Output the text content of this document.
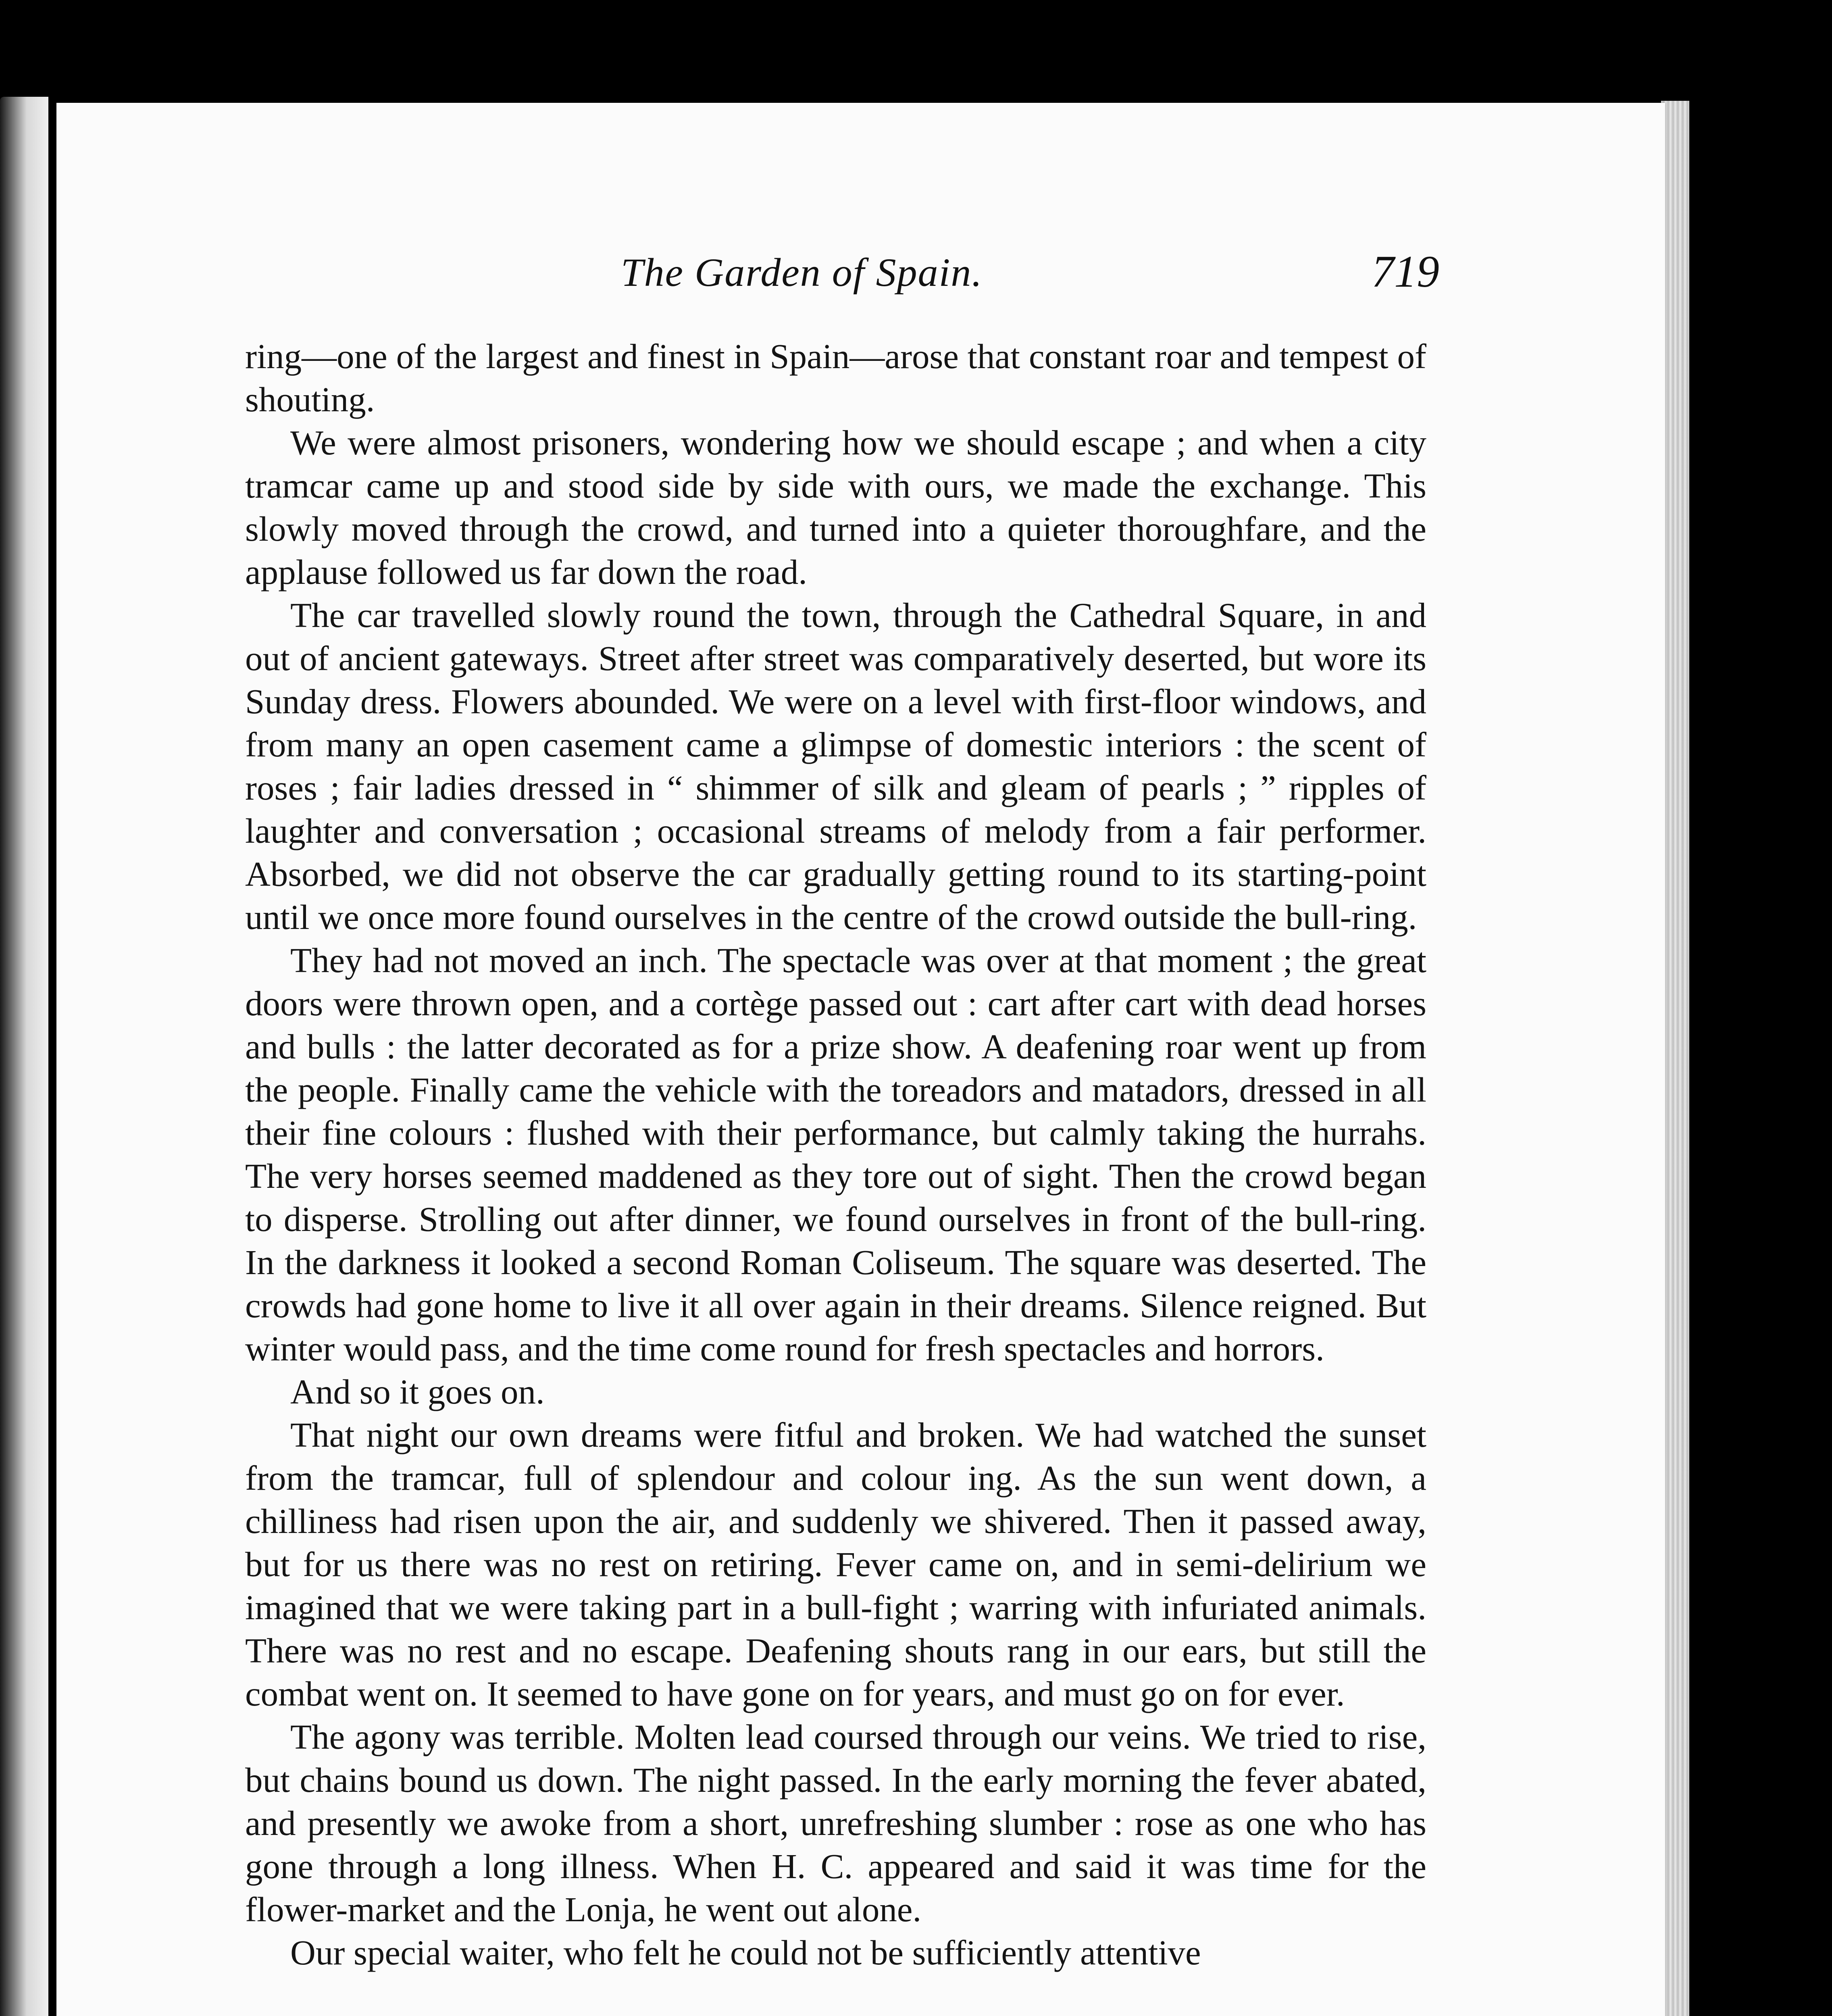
The Garden of Spain.	719

ring—one of the largest and finest in Spain—arose that constant roar and tempest of shouting.

We were almost prisoners, wondering how we should escape ; and when a city tramcar came up and stood side by side with ours, we made the exchange. This slowly moved through the crowd, and turned into a quieter thoroughfare, and the applause followed us far down the road.

The car travelled slowly round the town, through the Cathedral Square, in and out of ancient gateways. Street after street was comparatively deserted, but wore its Sunday dress. Flowers abounded. We were on a level with first-floor windows, and from many an open casement came a glimpse of domestic interiors : the scent of roses ; fair ladies dressed in “ shimmer of silk and gleam of pearls ; ” ripples of laughter and conversation ; occasional streams of melody from a fair performer. Absorbed, we did not observe the car gradually getting round to its starting-point until we once more found ourselves in the centre of the crowd outside the bull-ring.

They had not moved an inch. The spectacle was over at that moment ; the great doors were thrown open, and a cortège passed out : cart after cart with dead horses and bulls : the latter decorated as for a prize show. A deafening roar went up from the people. Finally came the vehicle with the toreadors and matadors, dressed in all their fine colours : flushed with their performance, but calmly taking the hurrahs. The very horses seemed maddened as they tore out of sight. Then the crowd began to disperse. Strolling out after dinner, we found ourselves in front of the bull-ring. In the darkness it looked a second Roman Coliseum. The square was deserted. The crowds had gone home to live it all over again in their dreams. Silence reigned. But winter would pass, and the time come round for fresh spectacles and horrors.

And so it goes on.

That night our own dreams were fitful and broken. We had watched the sunset from the tramcar, full of splendour and colour ing. As the sun went down, a chilliness had risen upon the air, and suddenly we shivered. Then it passed away, but for us there was no rest on retiring. Fever came on, and in semi-delirium we imagined that we were taking part in a bull-fight ; warring with infuriated animals. There was no rest and no escape. Deafening shouts rang in our ears, but still the combat went on. It seemed to have gone on for years, and must go on for ever.

The agony was terrible. Molten lead coursed through our veins. We tried to rise, but chains bound us down. The night passed. In the early morning the fever abated, and presently we awoke from a short, unrefreshing slumber : rose as one who has gone through a long illness. When H. C. appeared and said it was time for the flower-market and the Lonja, he went out alone.

Our special waiter, who felt he could not be sufficiently attentive
